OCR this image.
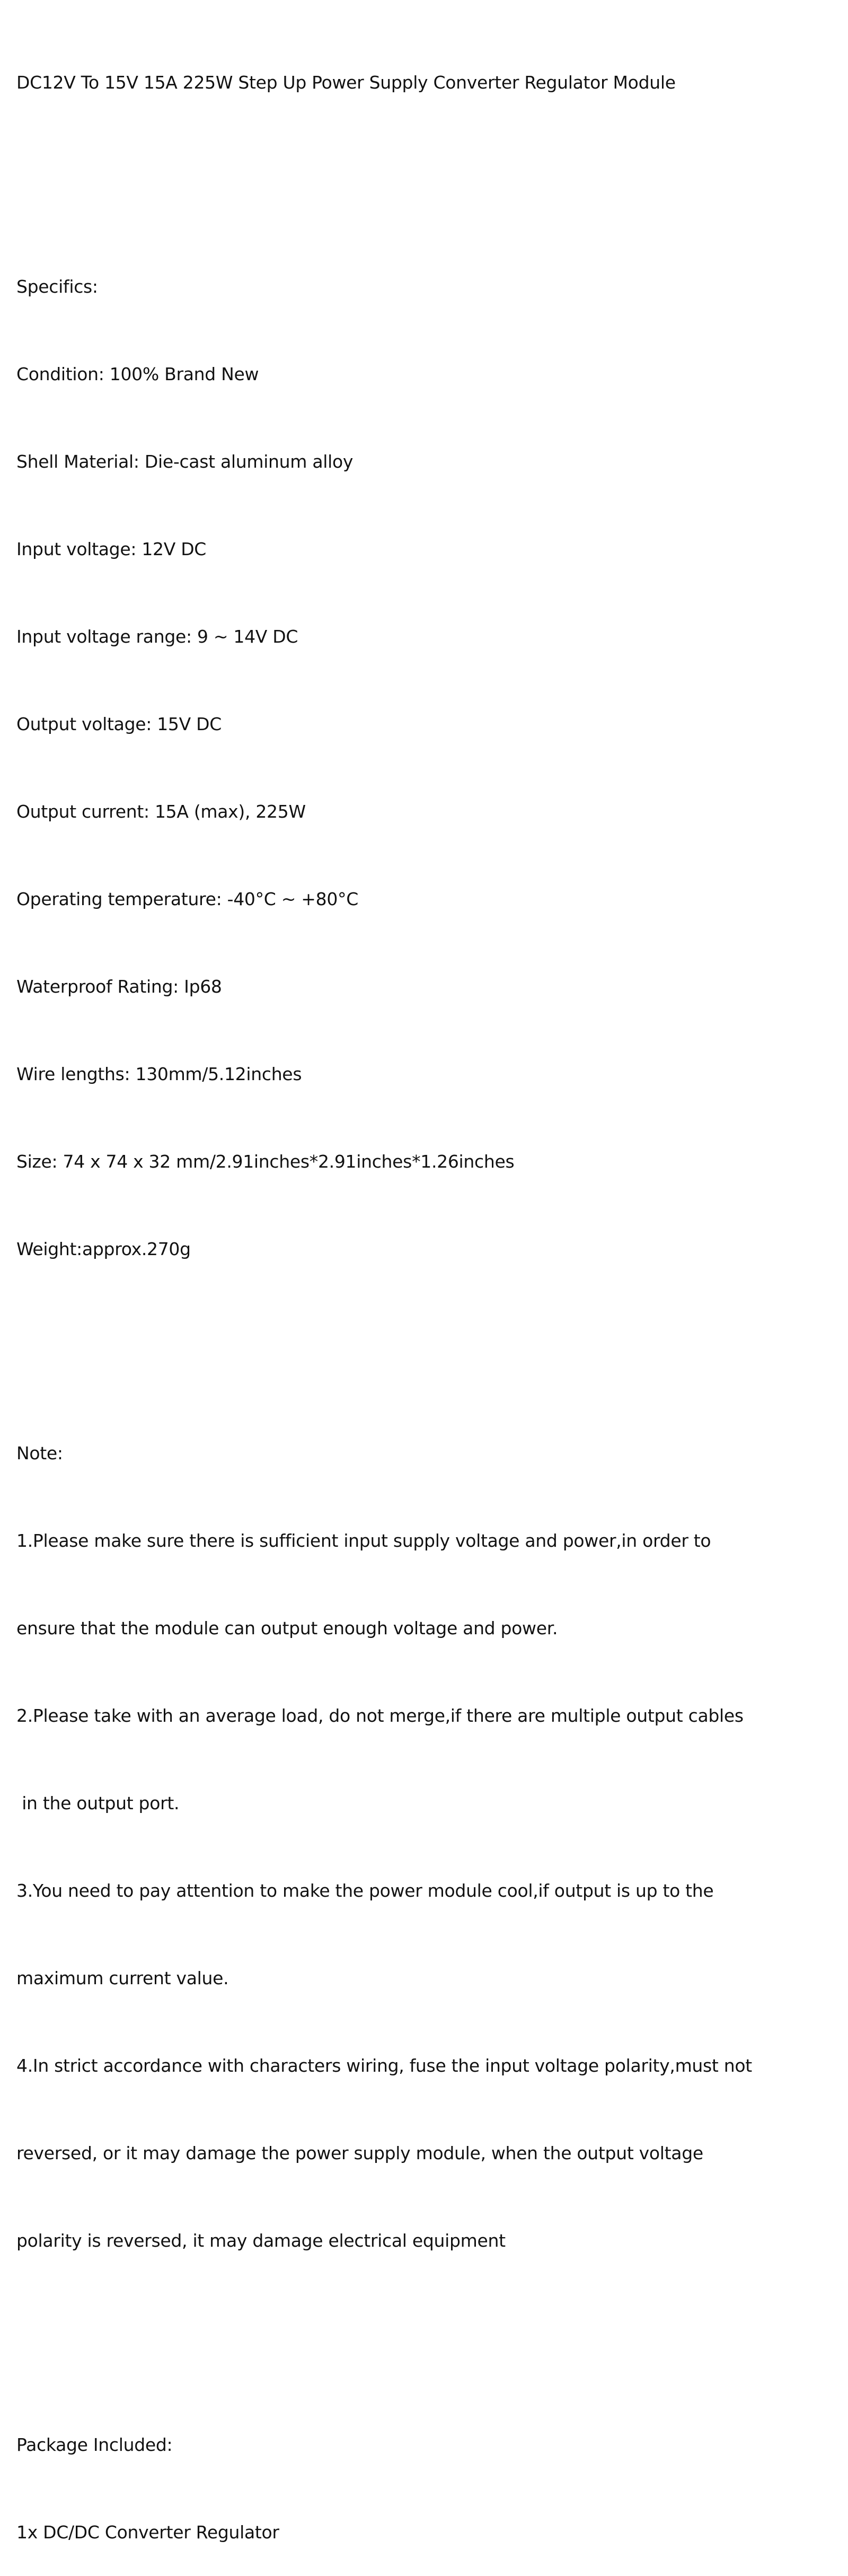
DC12V To 15V 15A 225W Step Up Power Supply Converter Regulator Module

Specifics:

Condition: 100% Brand New

Shell Material: Die-cast aluminum alloy

Input voltage: 12V DC

Input voltage range: 9 ~ 14V DC

Output voltage: 15V DC

Output current: 15A (max), 225W

Operating temperature: -40°C ~ +80°C

Waterproof Rating: Ip68

Wire lengths: 130mm/5.12inches

Size: 74 x 74 x 32 mm/2.91inches*2.91inches*1.26inches

Weight:approx.270g

Note:

1.Please make sure there is sufficient input supply voltage and power,in order to

ensure that the module can output enough voltage and power.

2.Please take with an average load, do not merge,if there are multiple output cables

in the output port.

3.You need to pay attention to make the power module cool,if output is up to the

maximum current value.

4.In strict accordance with characters wiring, fuse the input voltage polarity,must not

reversed, or it may damage the power supply module, when the output voltage

polarity is reversed, it may damage electrical equipment

Package Included:

1x DC/DC Converter Regulator
